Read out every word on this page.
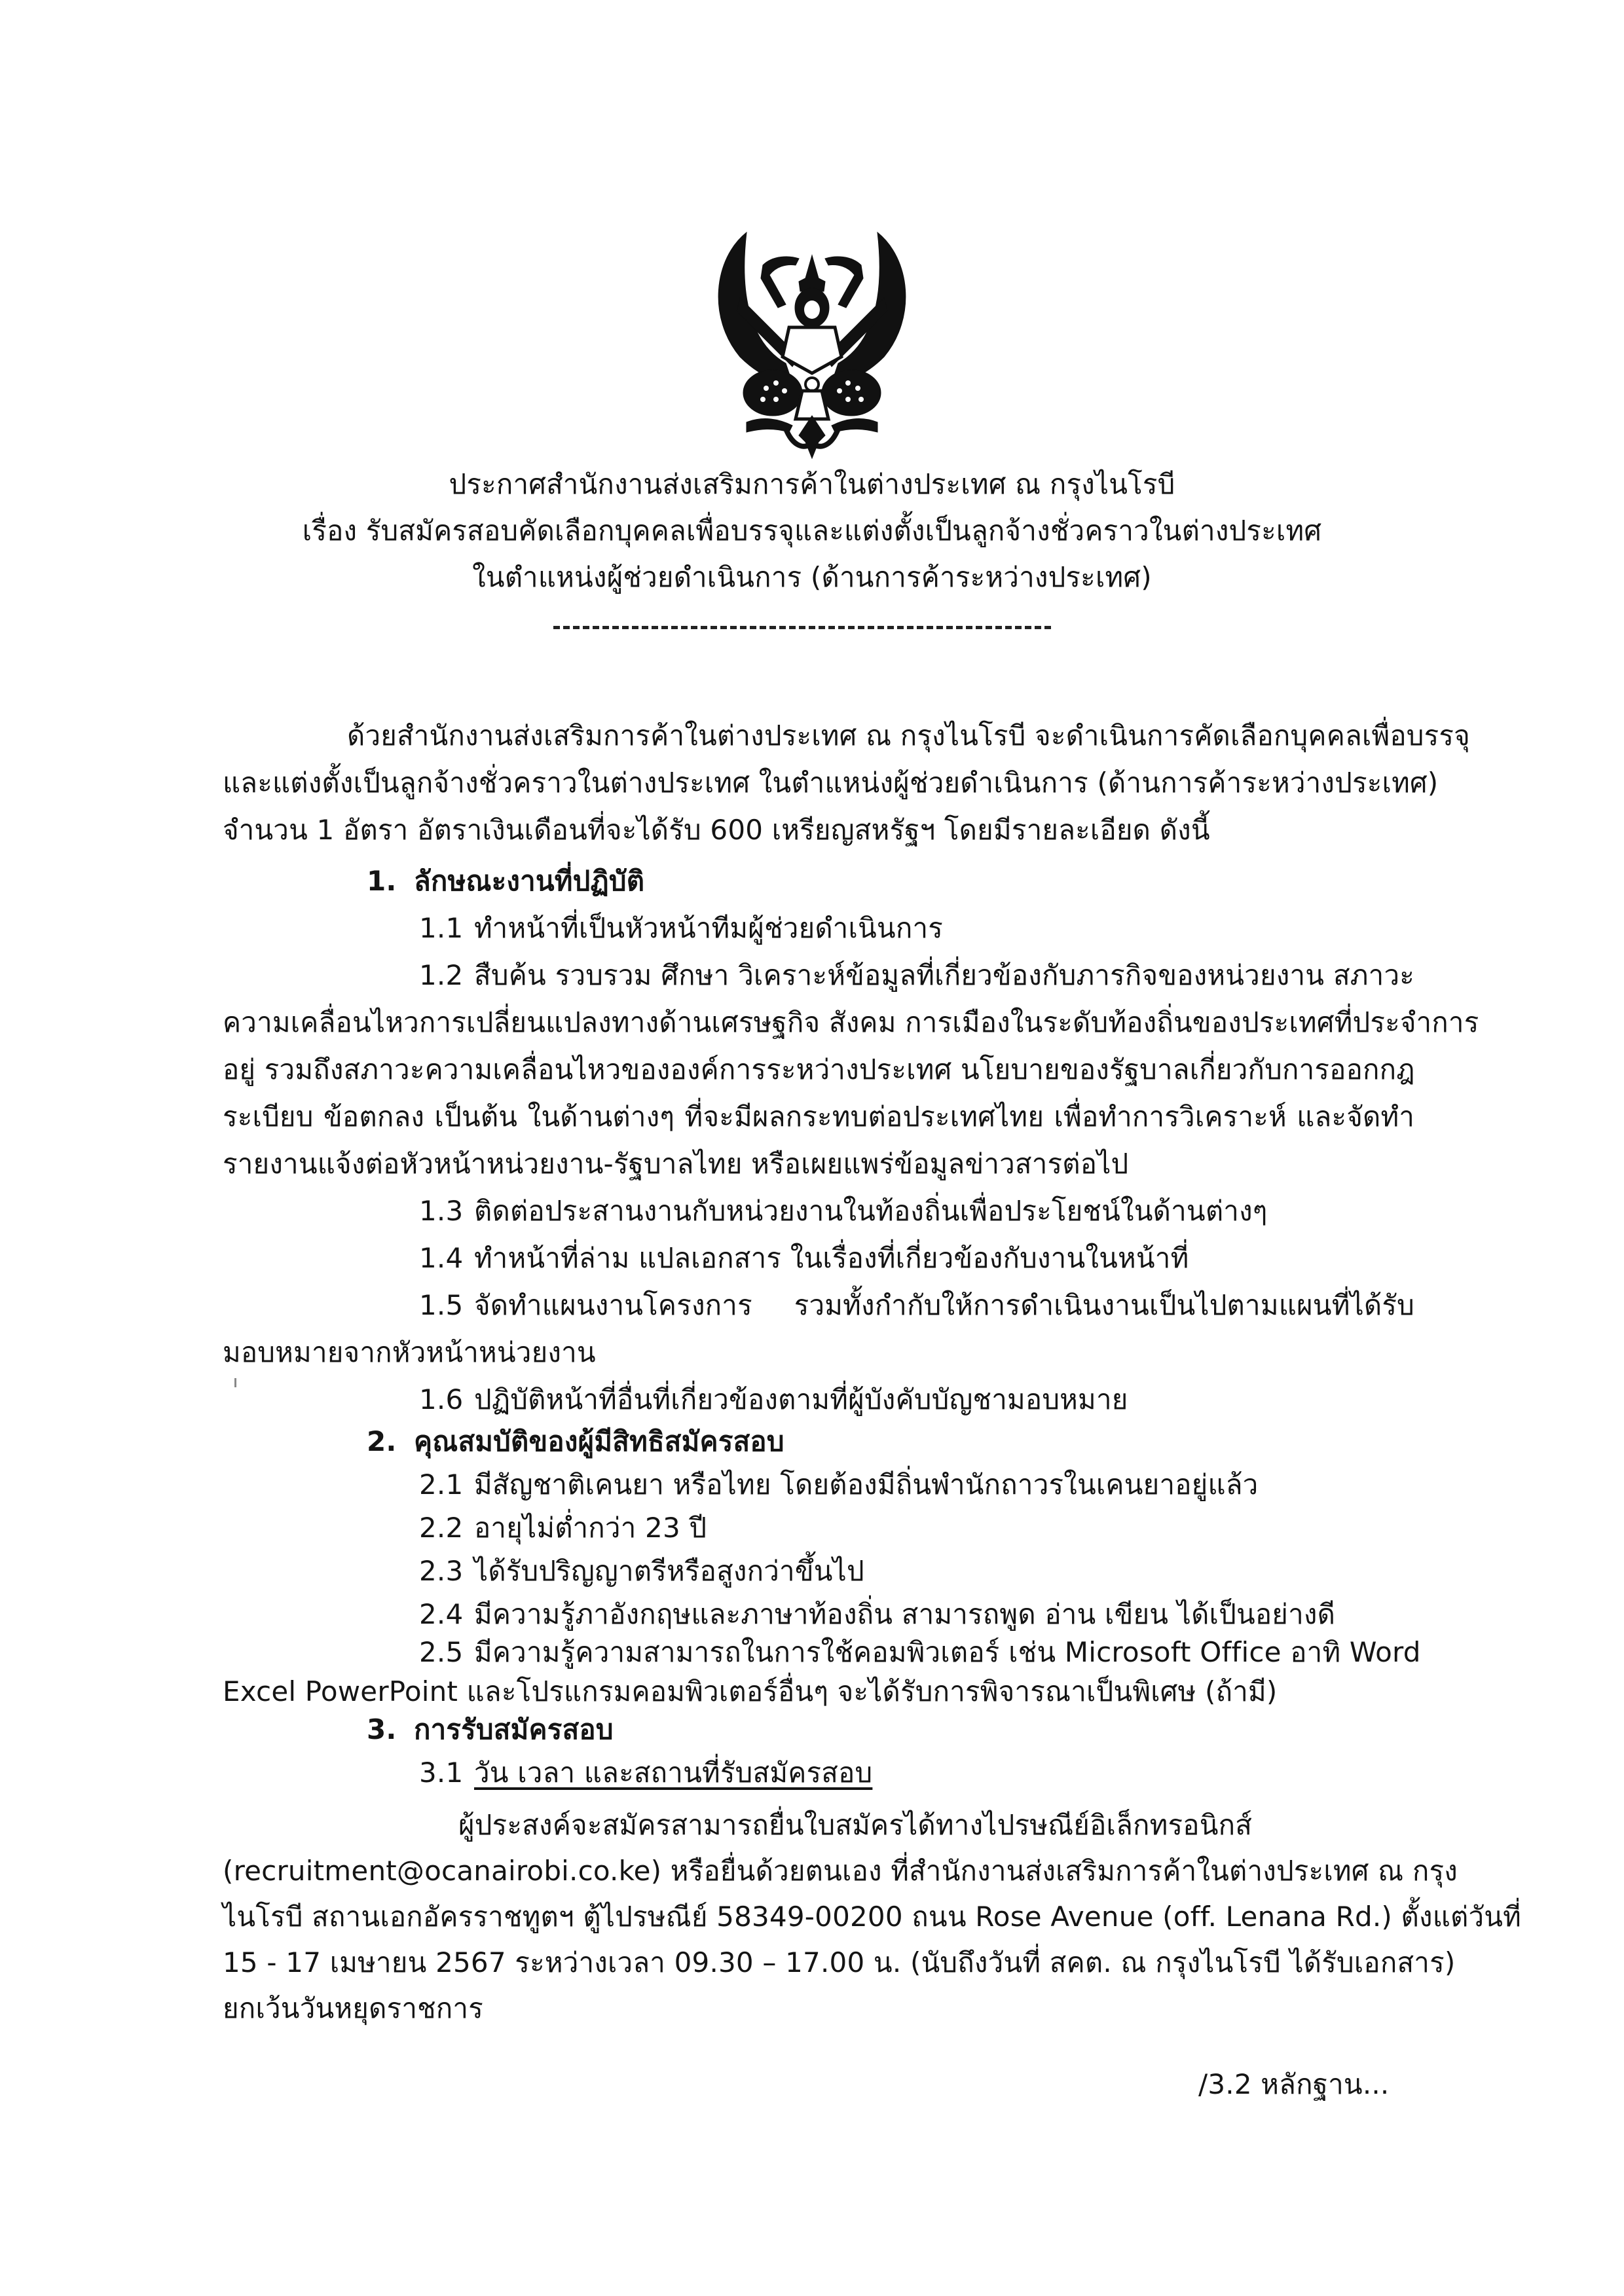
ประกาศสำนักงานส่งเสริมการค้าในต่างประเทศ ณ กรุงไนโรบี
เรื่อง รับสมัครสอบคัดเลือกบุคคลเพื่อบรรจุและแต่งตั้งเป็นลูกจ้างชั่วคราวในต่างประเทศ
ในตำแหน่งผู้ช่วยดำเนินการ (ด้านการค้าระหว่างประเทศ)
ด้วยสำนักงานส่งเสริมการค้าในต่างประเทศ ณ กรุงไนโรบี จะดำเนินการคัดเลือกบุคคลเพื่อบรรจุ
และแต่งตั้งเป็นลูกจ้างชั่วคราวในต่างประเทศ ในตำแหน่งผู้ช่วยดำเนินการ (ด้านการค้าระหว่างประเทศ)
จำนวน 1 อัตรา อัตราเงินเดือนที่จะได้รับ 600 เหรียญสหรัฐฯ โดยมีรายละเอียด ดังนี้
1. ลักษณะงานที่ปฏิบัติ
1.1 ทำหน้าที่เป็นหัวหน้าทีมผู้ช่วยดำเนินการ
1.2 สืบค้น รวบรวม ศึกษา วิเคราะห์ข้อมูลที่เกี่ยวข้องกับภารกิจของหน่วยงาน สภาวะ
ความเคลื่อนไหวการเปลี่ยนแปลงทางด้านเศรษฐกิจ สังคม การเมืองในระดับท้องถิ่นของประเทศที่ประจำการ
อยู่ รวมถึงสภาวะความเคลื่อนไหวขององค์การระหว่างประเทศ นโยบายของรัฐบาลเกี่ยวกับการออกกฎ
ระเบียบ ข้อตกลง เป็นต้น ในด้านต่างๆ ที่จะมีผลกระทบต่อประเทศไทย เพื่อทำการวิเคราะห์ และจัดทำ
รายงานแจ้งต่อหัวหน้าหน่วยงาน-รัฐบาลไทย หรือเผยแพร่ข้อมูลข่าวสารต่อไป
1.3 ติดต่อประสานงานกับหน่วยงานในท้องถิ่นเพื่อประโยชน์ในด้านต่างๆ
1.4 ทำหน้าที่ล่าม แปลเอกสาร ในเรื่องที่เกี่ยวข้องกับงานในหน้าที่
1.5 จัดทำแผนงานโครงการ รวมทั้งกำกับให้การดำเนินงานเป็นไปตามแผนที่ได้รับ
มอบหมายจากหัวหน้าหน่วยงาน
1.6 ปฏิบัติหน้าที่อื่นที่เกี่ยวข้องตามที่ผู้บังคับบัญชามอบหมาย
2. คุณสมบัติของผู้มีสิทธิสมัครสอบ
2.1 มีสัญชาติเคนยา หรือไทย โดยต้องมีถิ่นพำนักถาวรในเคนยาอยู่แล้ว
2.2 อายุไม่ต่ำกว่า 23 ปี
2.3 ได้รับปริญญาตรีหรือสูงกว่าขึ้นไป
2.4 มีความรู้ภาอังกฤษและภาษาท้องถิ่น สามารถพูด อ่าน เขียน ได้เป็นอย่างดี
2.5 มีความรู้ความสามารถในการใช้คอมพิวเตอร์ เช่น Microsoft Office อาทิ Word
Excel PowerPoint และโปรแกรมคอมพิวเตอร์อื่นๆ จะได้รับการพิจารณาเป็นพิเศษ (ถ้ามี)
3. การรับสมัครสอบ
3.1 วัน เวลา และสถานที่รับสมัครสอบ
ผู้ประสงค์จะสมัครสามารถยื่นใบสมัครได้ทางไปรษณีย์อิเล็กทรอนิกส์
(recruitment@ocanairobi.co.ke) หรือยื่นด้วยตนเอง ที่สำนักงานส่งเสริมการค้าในต่างประเทศ ณ กรุง
ไนโรบี สถานเอกอัครราชทูตฯ ตู้ไปรษณีย์ 58349-00200 ถนน Rose Avenue (off. Lenana Rd.) ตั้งแต่วันที่
15 - 17 เมษายน 2567 ระหว่างเวลา 09.30 – 17.00 น. (นับถึงวันที่ สคต. ณ กรุงไนโรบี ได้รับเอกสาร)
ยกเว้นวันหยุดราชการ
/3.2 หลักฐาน...
